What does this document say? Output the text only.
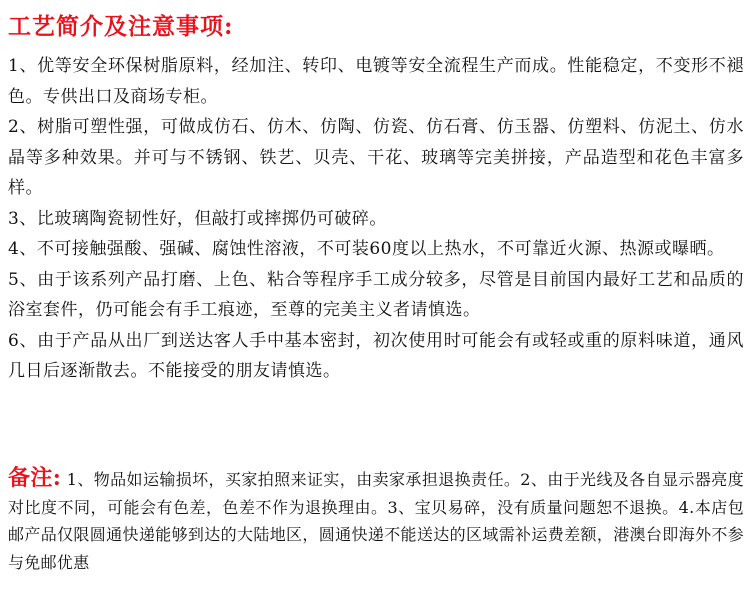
工艺简介及注意事项:

1、优等安全环保树脂原料，经加注、转印、电镀等安全流程生产而成。性能稳定，不变形不褪色。专供出口及商场专柜。

2、树脂可塑性强，可做成仿石、仿木、仿陶、仿瓷、仿石膏、仿玉器、仿塑料、仿泥土、仿水晶等多种效果。并可与不锈钢、铁艺、贝壳、干花、玻璃等完美拼接，产品造型和花色丰富多样。

3、比玻璃陶瓷韧性好，但敲打或摔掷仍可破碎。

4、不可接触强酸、强碱、腐蚀性溶液，不可装60度以上热水，不可靠近火源、热源或曝晒。

5、由于该系列产品打磨、上色、粘合等程序手工成分较多，尽管是目前国内最好工艺和品质的浴室套件，仍可能会有手工痕迹，至尊的完美主义者请慎选。

6、由于产品从出厂到送达客人手中基本密封，初次使用时可能会有或轻或重的原料味道，通风几日后逐渐散去。不能接受的朋友请慎选。

备注: 1、物品如运输损坏，买家拍照来证实，由卖家承担退换责任。2、由于光线及各自显示器亮度对比度不同，可能会有色差，色差不作为退换理由。3、宝贝易碎，没有质量问题恕不退换。4.本店包邮产品仅限圆通快递能够到达的大陆地区，圆通快递不能送达的区域需补运费差额，港澳台即海外不参与免邮优惠
